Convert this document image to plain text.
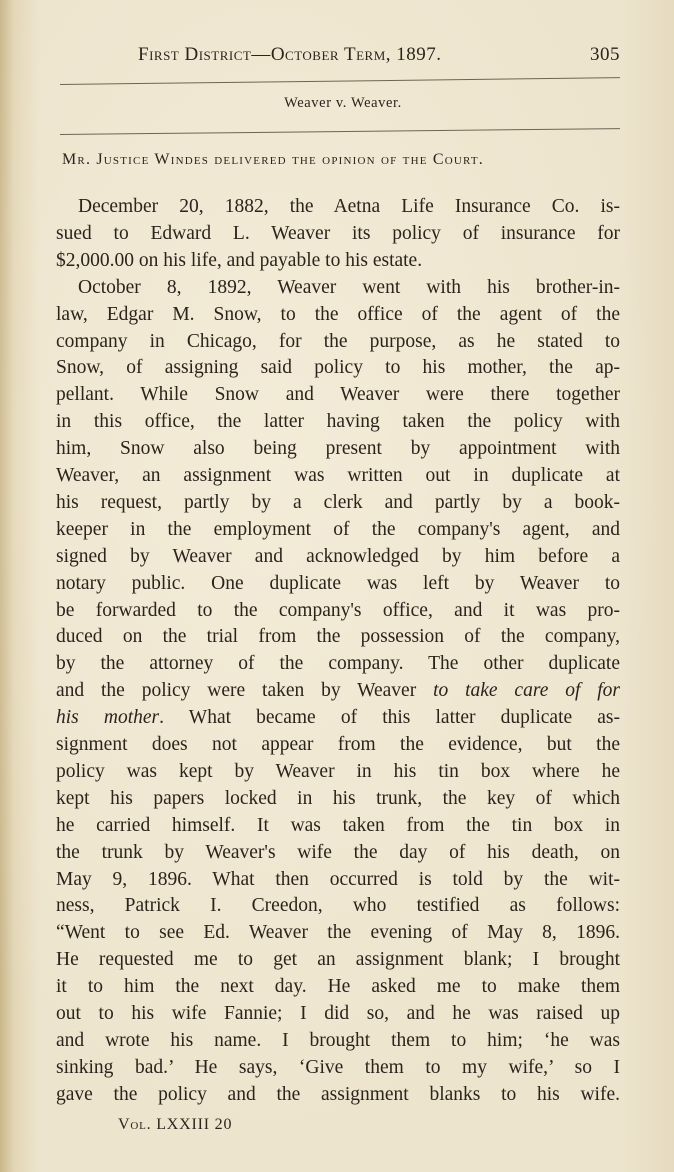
First District—October Term, 1897.	305
Weaver v. Weaver.
Mr. Justice Windes delivered the opinion of the Court.
December 20, 1882, the Aetna Life Insurance Co. is-
sued to Edward L. Weaver its policy of insurance for
$2,000.00 on his life, and payable to his estate.
October 8, 1892, Weaver went with his brother-in-
law, Edgar M. Snow, to the office of the agent of the
company in Chicago, for the purpose, as he stated to
Snow, of assigning said policy to his mother, the ap-
pellant. While Snow and Weaver were there together
in this office, the latter having taken the policy with
him, Snow also being present by appointment with
Weaver, an assignment was written out in duplicate at
his request, partly by a clerk and partly by a book-
keeper in the employment of the company's agent, and
signed by Weaver and acknowledged by him before a
notary public. One duplicate was left by Weaver to
be forwarded to the company's office, and it was pro-
duced on the trial from the possession of the company,
by the attorney of the company. The other duplicate
and the policy were taken by Weaver to take care of for
his mother. What became of this latter duplicate as-
signment does not appear from the evidence, but the
policy was kept by Weaver in his tin box where he
kept his papers locked in his trunk, the key of which
he carried himself. It was taken from the tin box in
the trunk by Weaver's wife the day of his death, on
May 9, 1896. What then occurred is told by the wit-
ness, Patrick I. Creedon, who testified as follows:
“Went to see Ed. Weaver the evening of May 8, 1896.
He requested me to get an assignment blank; I brought
it to him the next day. He asked me to make them
out to his wife Fannie; I did so, and he was raised up
and wrote his name. I brought them to him; ‘he was
sinking bad.’ He says, ‘Give them to my wife,’ so I
gave the policy and the assignment blanks to his wife.
Vol. LXXIII 20
